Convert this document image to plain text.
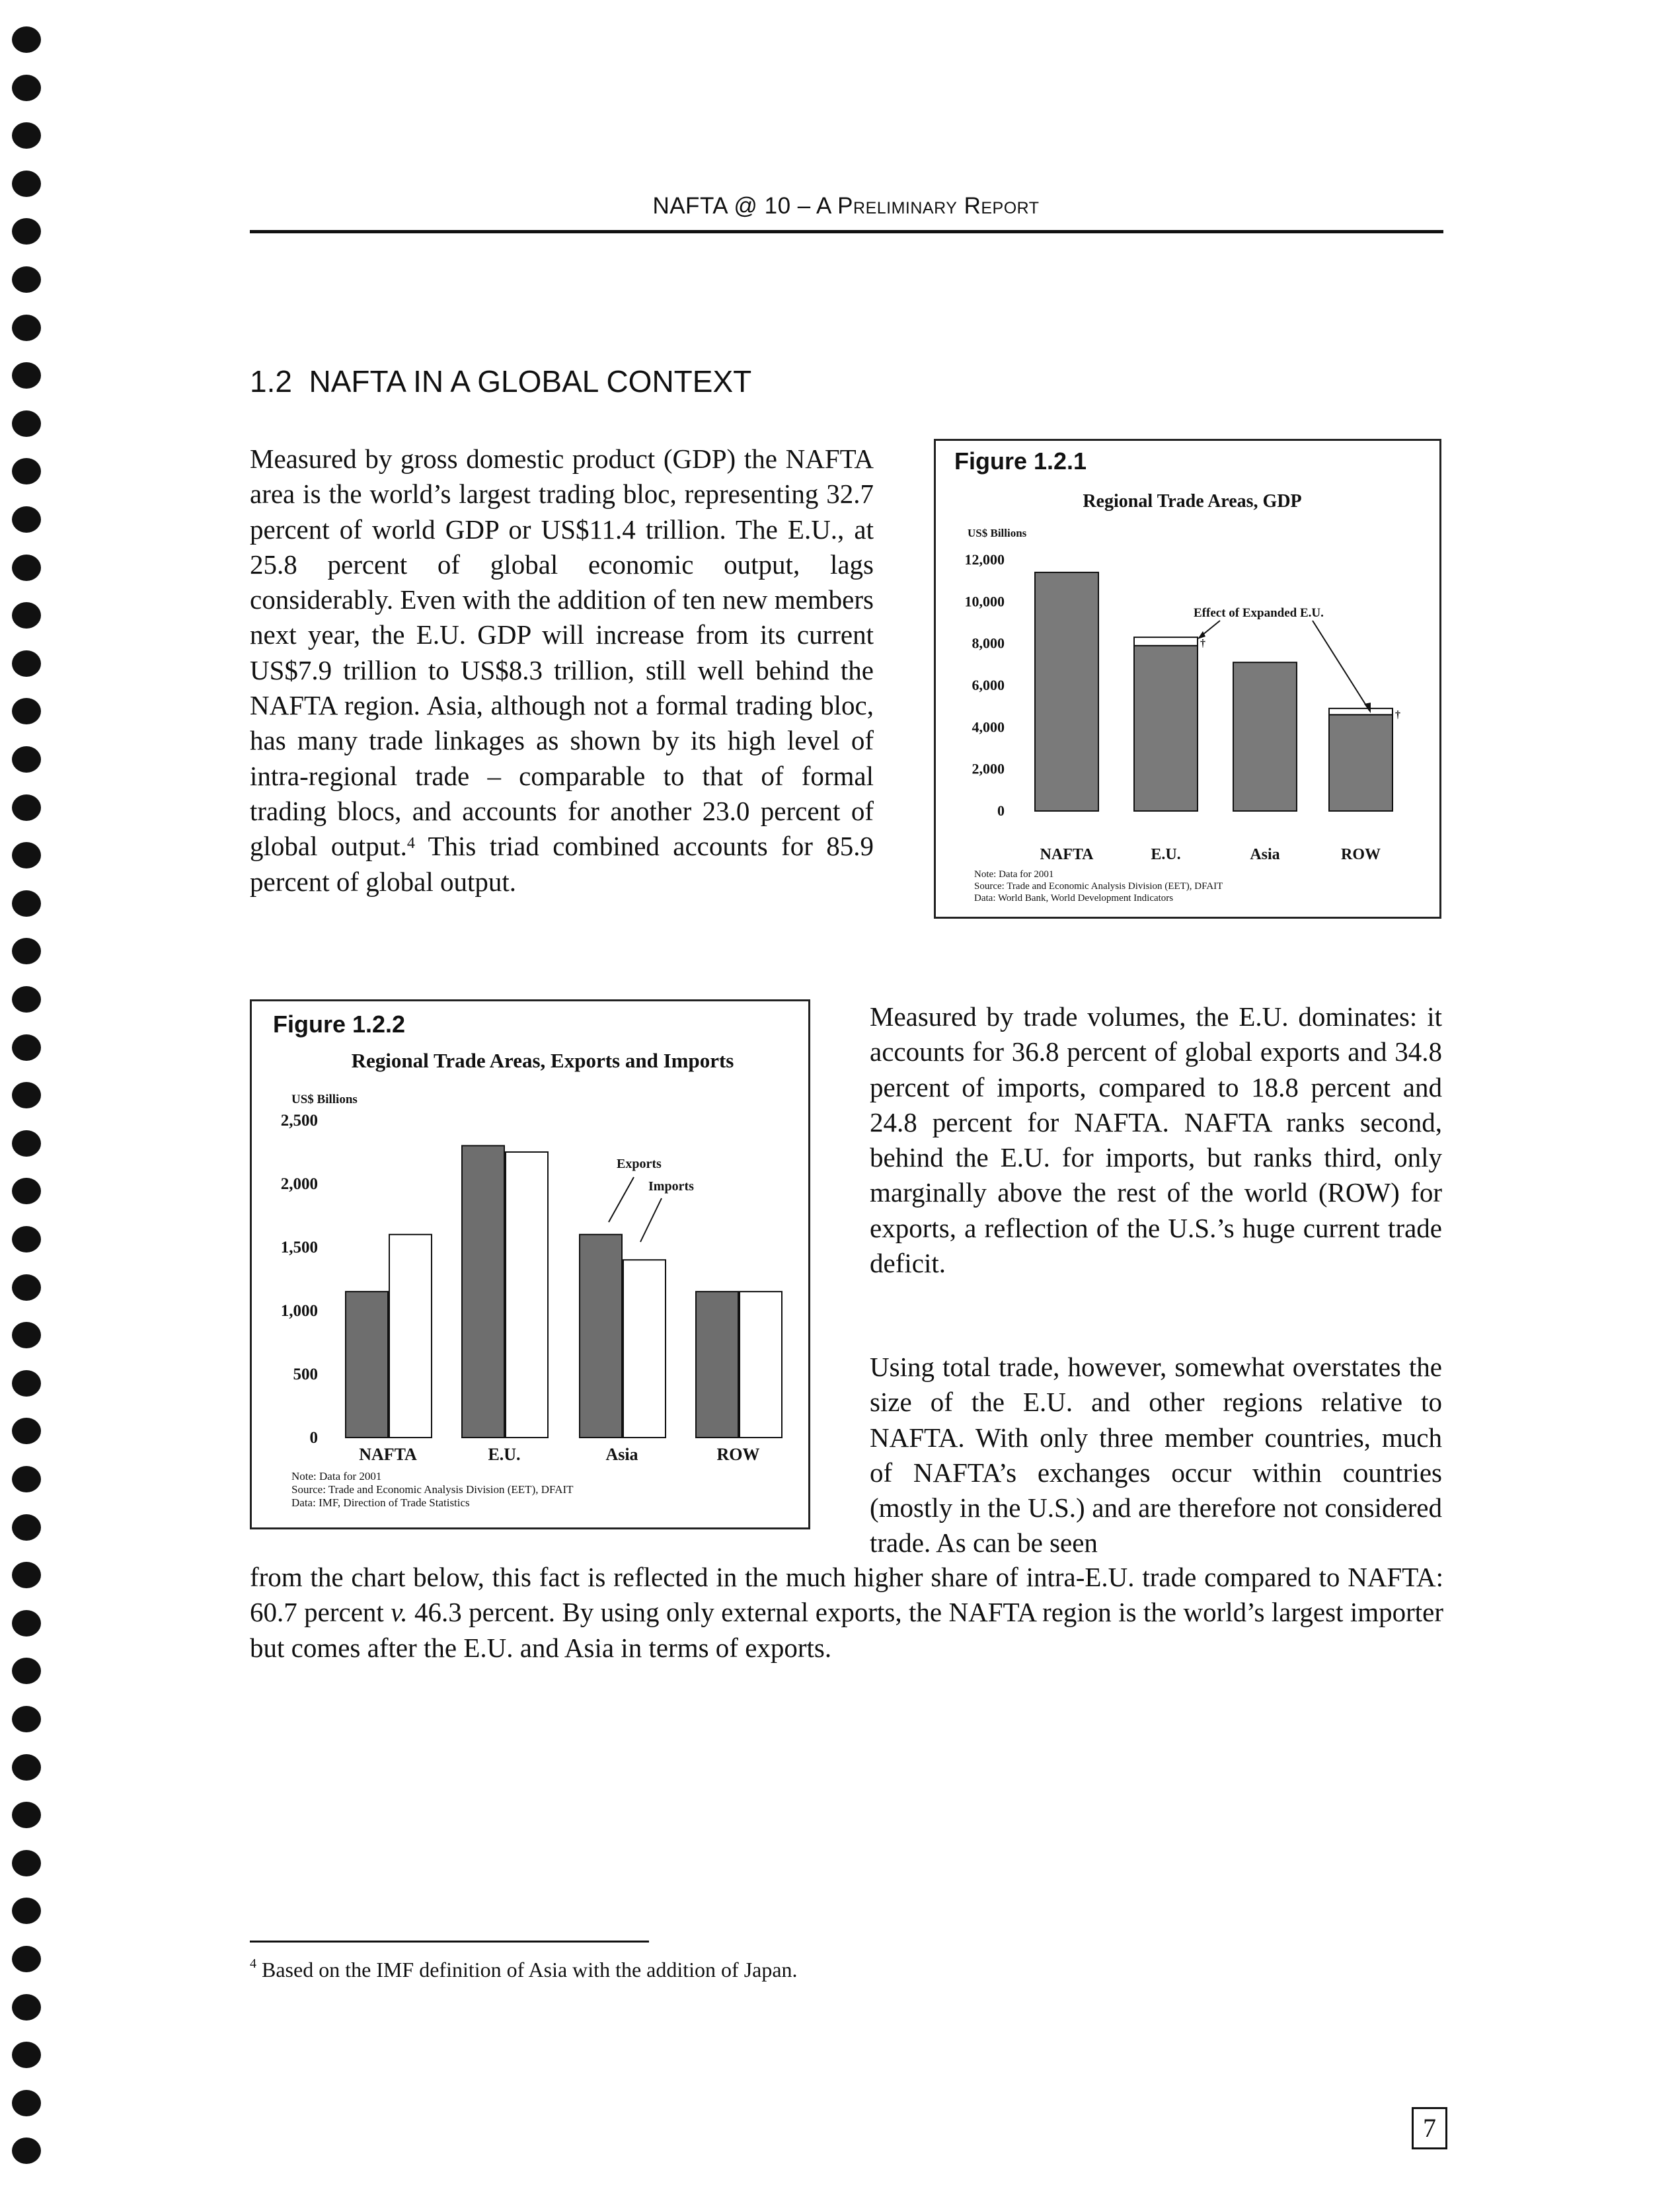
NAFTA @ 10 – A Preliminary Report
1.2  NAFTA IN A GLOBAL CONTEXT

Measured by gross domestic product (GDP) the NAFTA area is the world’s largest trading bloc, representing 32.7 percent of world GDP or US$11.4 trillion. The E.U., at 25.8 percent of global economic output, lags considerably. Even with the addition of ten new members next year, the E.U. GDP will increase from its current US$7.9 trillion to US$8.3 trillion, still well behind the NAFTA region. Asia, although not a formal trading bloc, has many trade linkages as shown by its high level of intra-regional trade – comparable to that of formal trading blocs, and accounts for another 23.0 percent of global output.$^4$ This triad combined accounts for 85.9 percent of global output.

Figure 1.2.1
Regional Trade Areas, GDP
US$ Billions
12,000
10,000
8,000
6,000
4,000
2,000
0
†
†
NAFTA	E.U.	Asia	ROW
Effect of Expanded E.U.
Note: Data for 2001
Source: Trade and Economic Analysis Division (EET), DFAIT
Data: World Bank, World Development Indicators
Figure 1.2.2
Regional Trade Areas, Exports and Imports
US$ Billions
2,500
2,000
1,500
1,000
500
0
NAFTA	E.U.	Asia	ROW
Exports
Imports
Note: Data for 2001
Source: Trade and Economic Analysis Division (EET), DFAIT
Data: IMF, Direction of Trade Statistics

Measured by trade volumes, the E.U. dominates: it accounts for 36.8 percent of global exports and 34.8 percent of imports, compared to 18.8 percent and 24.8 percent for NAFTA. NAFTA ranks second, behind the E.U. for imports, but ranks third, only marginally above the rest of the world (ROW) for exports, a reflection of the U.S.’s huge current trade deficit.

Using total trade, however, somewhat overstates the size of the E.U. and other regions relative to NAFTA. With only three member countries, much of NAFTA’s exchanges occur within countries (mostly in the U.S.) and are therefore not considered trade. As can be seen

from the chart below, this fact is reflected in the much higher share of intra-E.U. trade compared to NAFTA: 60.7 percent v. 46.3 percent. By using only external exports, the NAFTA region is the world’s largest importer but comes after the E.U. and Asia in terms of exports.

$^4$ Based on the IMF definition of Asia with the addition of Japan.
7
